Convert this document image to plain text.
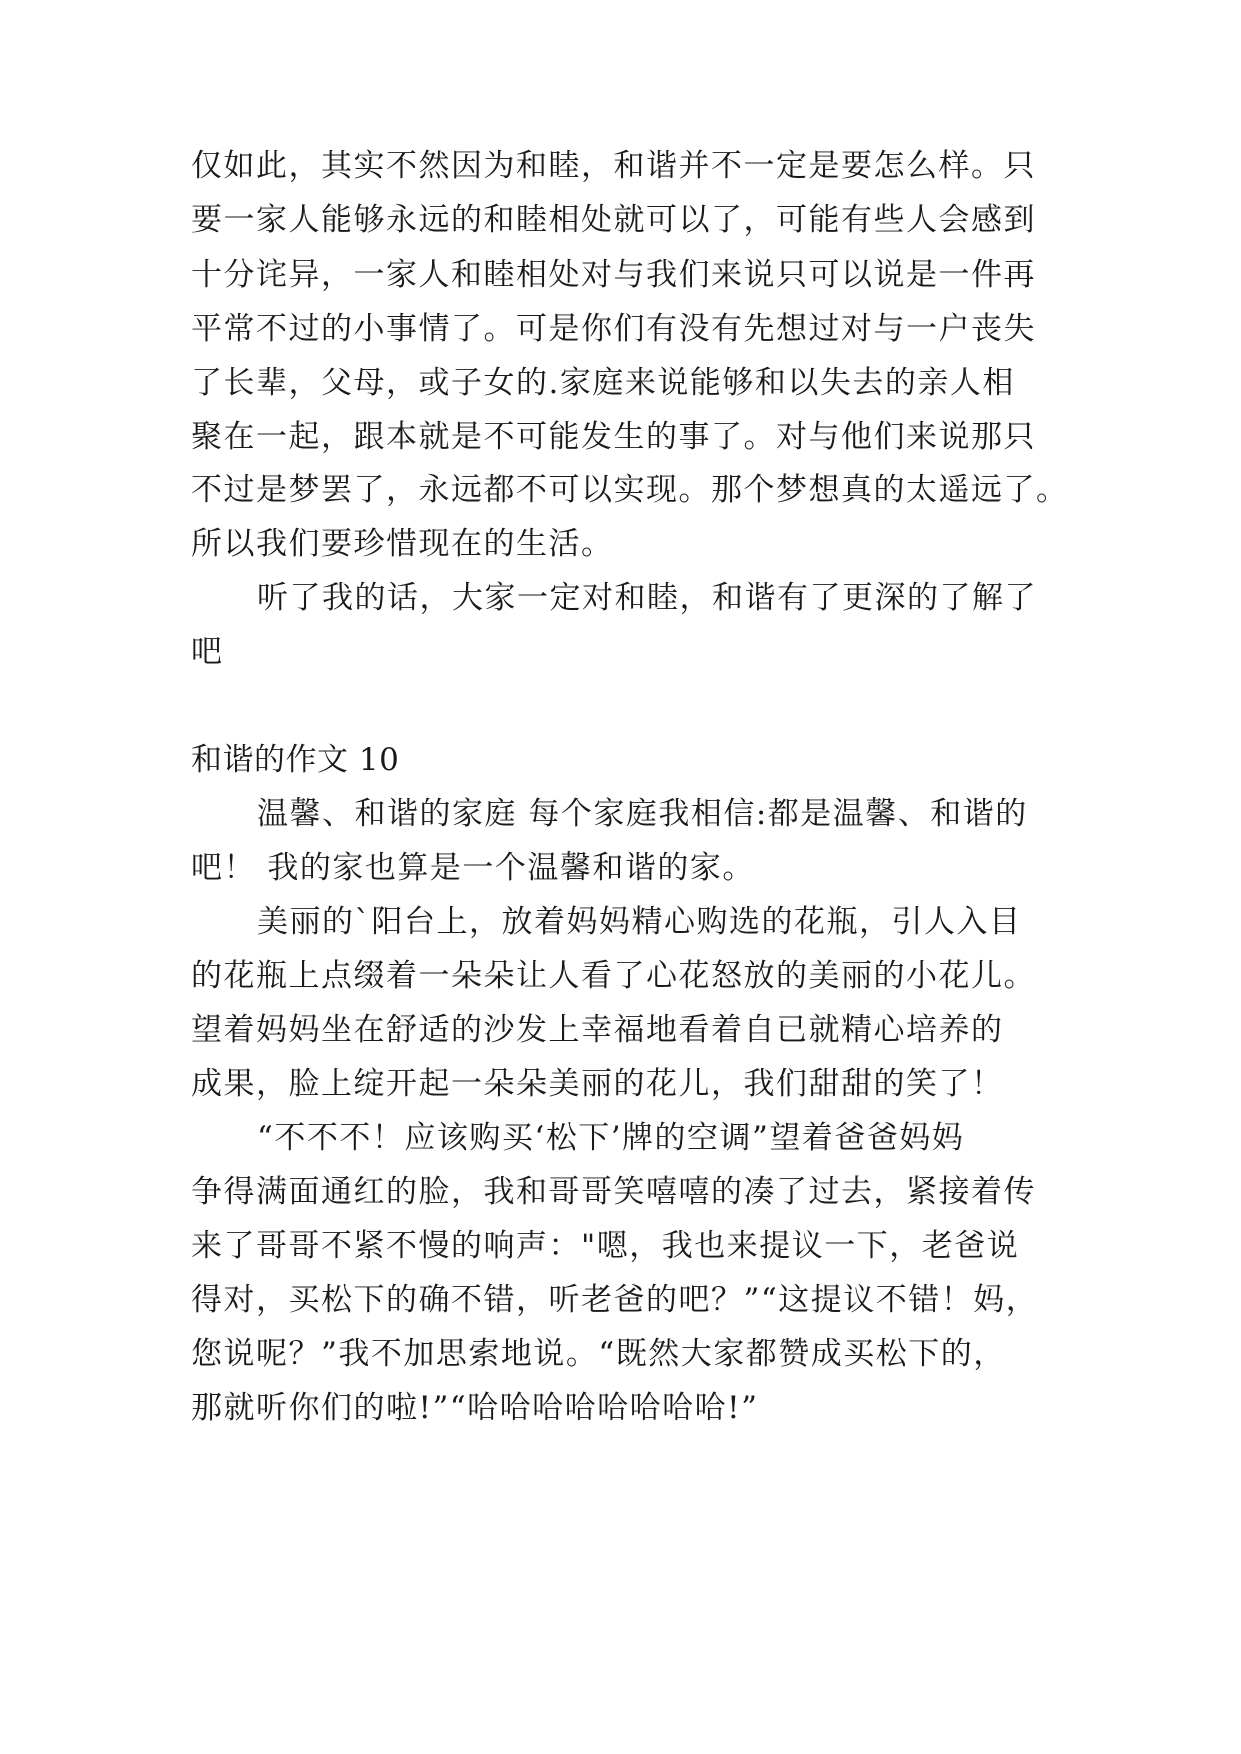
仅如此，其实不然因为和睦，和谐并不一定是要怎么样。只
要一家人能够永远的和睦相处就可以了，可能有些人会感到
十分诧异，一家人和睦相处对与我们来说只可以说是一件再
平常不过的小事情了。可是你们有没有先想过对与一户丧失
了长辈，父母，或子女的.家庭来说能够和以失去的亲人相
聚在一起，跟本就是不可能发生的事了。对与他们来说那只
不过是梦罢了，永远都不可以实现。那个梦想真的太遥远了。
所以我们要珍惜现在的生活。
听了我的话，大家一定对和睦，和谐有了更深的了解了
吧
和谐的作文 10
温馨、和谐的家庭 每个家庭我相信:都是温馨、和谐的
吧！ 我的家也算是一个温馨和谐的家。
美丽的`阳台上，放着妈妈精心购选的花瓶，引人入目
的花瓶上点缀着一朵朵让人看了心花怒放的美丽的小花儿。
望着妈妈坐在舒适的沙发上幸福地看着自已就精心培养的
成果，脸上绽开起一朵朵美丽的花儿，我们甜甜的笑了！
“不不不！应该购买‘松下’牌的空调”望着爸爸妈妈
争得满面通红的脸，我和哥哥笑嘻嘻的凑了过去，紧接着传
来了哥哥不紧不慢的响声："嗯，我也来提议一下，老爸说
得对，买松下的确不错，听老爸的吧？”“这提议不错！妈，
您说呢？”我不加思索地说。“既然大家都赞成买松下的，
那就听你们的啦!”“哈哈哈哈哈哈哈哈!”
